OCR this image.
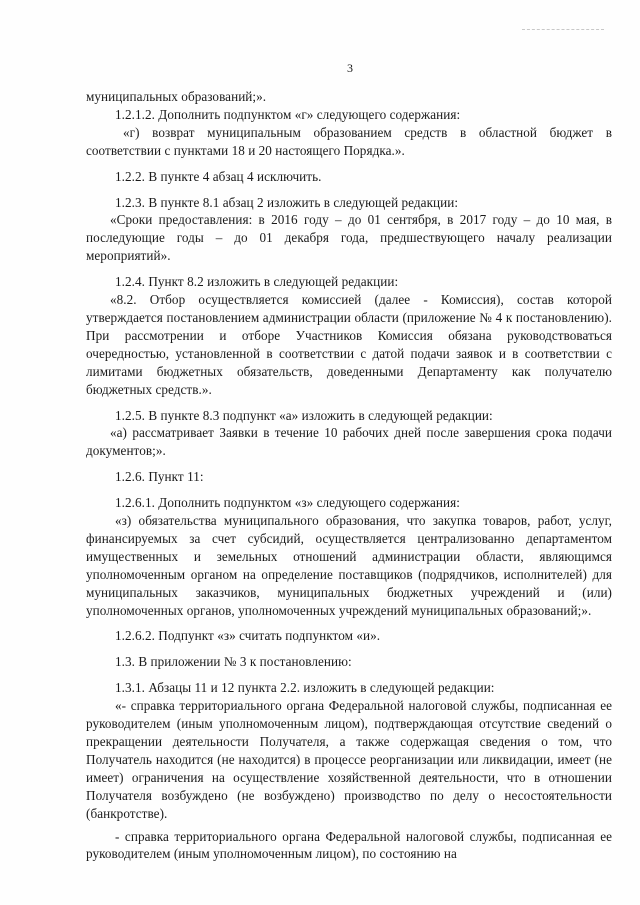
3

муниципальных образований;».

1.2.1.2. Дополнить подпунктом «г» следующего содержания:

«г) возврат муниципальным образованием средств в областной бюджет в соответствии с пунктами 18 и 20 настоящего Порядка.».

1.2.2. В пункте 4 абзац 4 исключить.

1.2.3. В пункте 8.1 абзац 2 изложить в следующей редакции:

«Сроки предоставления: в 2016 году – до 01 сентября, в 2017 году – до 10 мая, в последующие годы – до 01 декабря года, предшествующего началу реализации мероприятий».

1.2.4. Пункт 8.2 изложить в следующей редакции:

«8.2. Отбор осуществляется комиссией (далее - Комиссия), состав которой утверждается постановлением администрации области (приложение № 4 к постановлению). При рассмотрении и отборе Участников Комиссия обязана руководствоваться очередностью, установленной в соответствии с датой подачи заявок и в соответствии с лимитами бюджетных обязательств, доведенными Департаменту как получателю бюджетных средств.».

1.2.5. В пункте 8.3 подпункт «а» изложить в следующей редакции:

«а) рассматривает Заявки в течение 10 рабочих дней после завершения срока подачи документов;».

1.2.6. Пункт 11:

1.2.6.1. Дополнить подпунктом «з» следующего содержания:

«з) обязательства муниципального образования, что закупка товаров, работ, услуг, финансируемых за счет субсидий, осуществляется централизованно департаментом имущественных и земельных отношений администрации области, являющимся уполномоченным органом на определение поставщиков (подрядчиков, исполнителей) для муниципальных заказчиков, муниципальных бюджетных учреждений и (или) уполномоченных органов, уполномоченных учреждений муниципальных образований;».

1.2.6.2. Подпункт «з» считать подпунктом «и».

1.3. В приложении № 3 к постановлению:

1.3.1. Абзацы 11 и 12 пункта 2.2. изложить в следующей редакции:

«- справка территориального органа Федеральной налоговой службы, подписанная ее руководителем (иным уполномоченным лицом), подтверждающая отсутствие сведений о прекращении деятельности Получателя, а также содержащая сведения о том, что Получатель находится (не находится) в процессе реорганизации или ликвидации, имеет (не имеет) ограничения на осуществление хозяйственной деятельности, что в отношении Получателя возбуждено (не возбуждено) производство по делу о несостоятельности (банкротстве).

- справка территориального органа Федеральной налоговой службы, подписанная ее руководителем (иным уполномоченным лицом), по состоянию на
